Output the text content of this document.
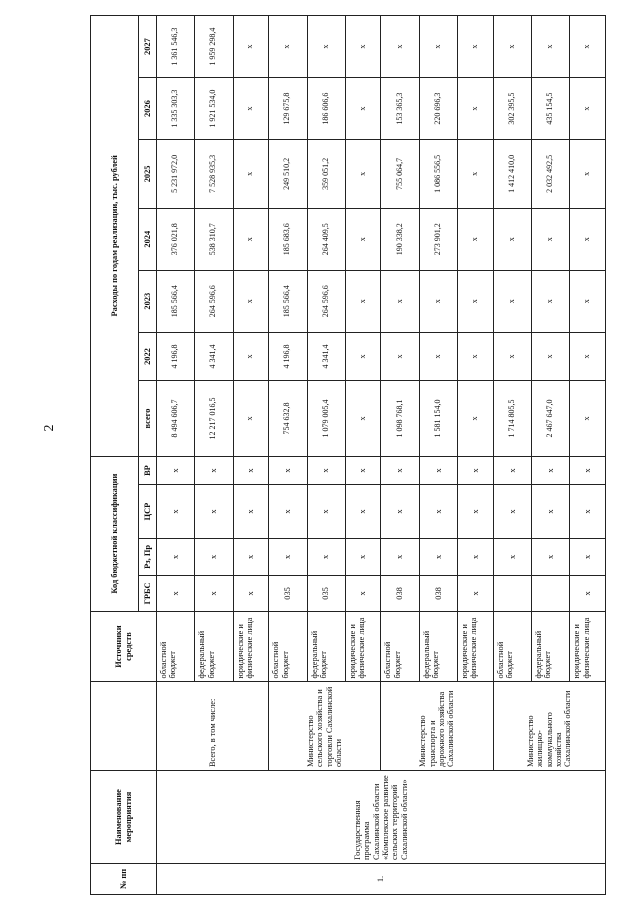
2
№ пп	Наименование мероприятия		Источники средств	Код бюджетной классификации				Расходы по годам реализации, тыс. рублей						
				ГРБС	Рз, Пр	ЦСР	ВР	всего	2022	2023	2024	2025	2026	2027
1.	Государственная программа Сахалинской области «Комплексное развитие сельских территорий Сахалинской области»	Всего, в том числе:	областной бюджет	х	х	х	х	8 494 606,7	4 196,8	185 566,4	376 021,8	5 231 972,0	1 335 303,3	1 361 546,3
			федеральный бюджет	х	х	х	х	12 217 016,5	4 341,4	264 596,6	538 310,7	7 528 935,3	1 921 534,0	1 959 298,4
			юридические и физические лица	х	х	х	х	х	х	х	х	х	х	х
		Министерство сельского хозяйства и торговли Сахалинской области	областной бюджет	035	х	х	х	754 632,8	4 196,8	185 566,4	185 683,6	249 510,2	129 675,8	х
			федеральный бюджет	035	х	х	х	1 079 005,4	4 341,4	264 596,6	264 409,5	359 051,2	186 606,6	х
			юридические и физические лица	х	х	х	х	х	х	х	х	х	х	х
		Министерство транспорта и дорожного хозяйства Сахалинской области	областной бюджет	038	х	х	х	1 098 768,1	х	х	190 338,2	755 064,7	153 365,3	х
			федеральный бюджет	038	х	х	х	1 581 154,0	х	х	273 901,2	1 086 556,5	220 696,3	х
			юридические и физические лица	х	х	х	х	х	х	х	х	х	х	х
		Министерство жилищно-коммунального хозяйства Сахалинской области	областной бюджет		х	х	х	1 714 805,5	х	х	х	1 412 410,0	302 395,5	х
			федеральный бюджет		х	х	х	2 467 647,0	х	х	х	2 032 492,5	435 154,5	х
			юридические и физические лица	х	х	х	х	х	х	х	х	х	х	х
